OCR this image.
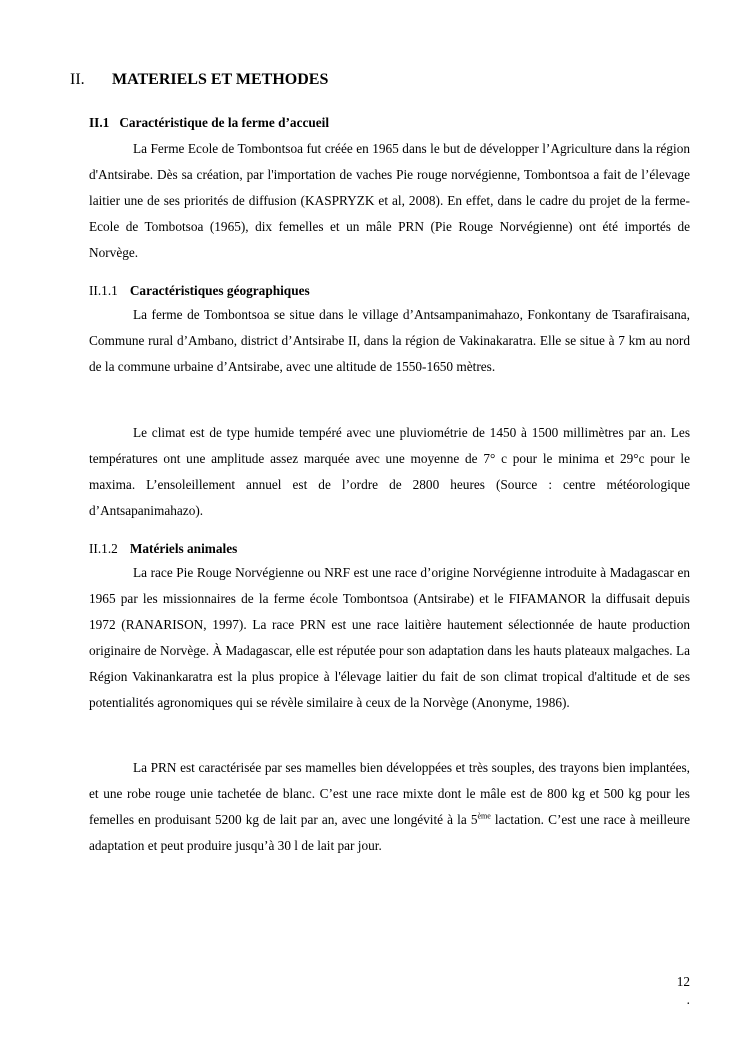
II. MATERIELS ET METHODES
II.1 Caractéristique de la ferme d’accueil

La Ferme Ecole de Tombontsoa fut créée en 1965 dans le but de développer l’Agriculture dans la région d'Antsirabe. Dès sa création, par l'importation de vaches Pie rouge norvégienne, Tombontsoa a fait de l’élevage laitier une de ses priorités de diffusion (KASPRYZK et al, 2008). En effet, dans le cadre du projet de la ferme-Ecole de Tombotsoa (1965), dix femelles et un mâle PRN (Pie Rouge Norvégienne) ont été importés de Norvège.

II.1.1 Caractéristiques géographiques

La ferme de Tombontsoa se situe dans le village d’Antsampanimahazo, Fonkontany de Tsarafiraisana, Commune rural d’Ambano, district d’Antsirabe II, dans la région de Vakinakaratra. Elle se situe à 7 km au nord de la commune urbaine d’Antsirabe, avec une altitude de 1550-1650 mètres.

Le climat est de type humide tempéré avec une pluviométrie de 1450 à 1500 millimètres par an. Les températures ont une amplitude assez marquée avec une moyenne de 7° c pour le minima et 29°c pour le maxima. L’ensoleillement annuel est de l’ordre de 2800 heures (Source : centre météorologique d’Antsapanimahazo).

II.1.2 Matériels animales

La race Pie Rouge Norvégienne ou NRF est une race d’origine Norvégienne introduite à Madagascar en 1965 par les missionnaires de la ferme école Tombontsoa (Antsirabe) et le FIFAMANOR la diffusait depuis 1972 (RANARISON, 1997). La race PRN est une race laitière hautement sélectionnée de haute production originaire de Norvège. À Madagascar, elle est réputée pour son adaptation dans les hauts plateaux malgaches. La Région Vakinankaratra est la plus propice à l'élevage laitier du fait de son climat tropical d'altitude et de ses potentialités agronomiques qui se révèle similaire à ceux de la Norvège (Anonyme, 1986).

La PRN est caractérisée par ses mamelles bien développées et très souples, des trayons bien implantées, et une robe rouge unie tachetée de blanc. C’est une race mixte dont le mâle est de 800 kg et 500 kg pour les femelles en produisant 5200 kg de lait par an, avec une longévité à la 5ème lactation. C’est une race à meilleure adaptation et peut produire jusqu’à 30 l de lait par jour.

12
.
